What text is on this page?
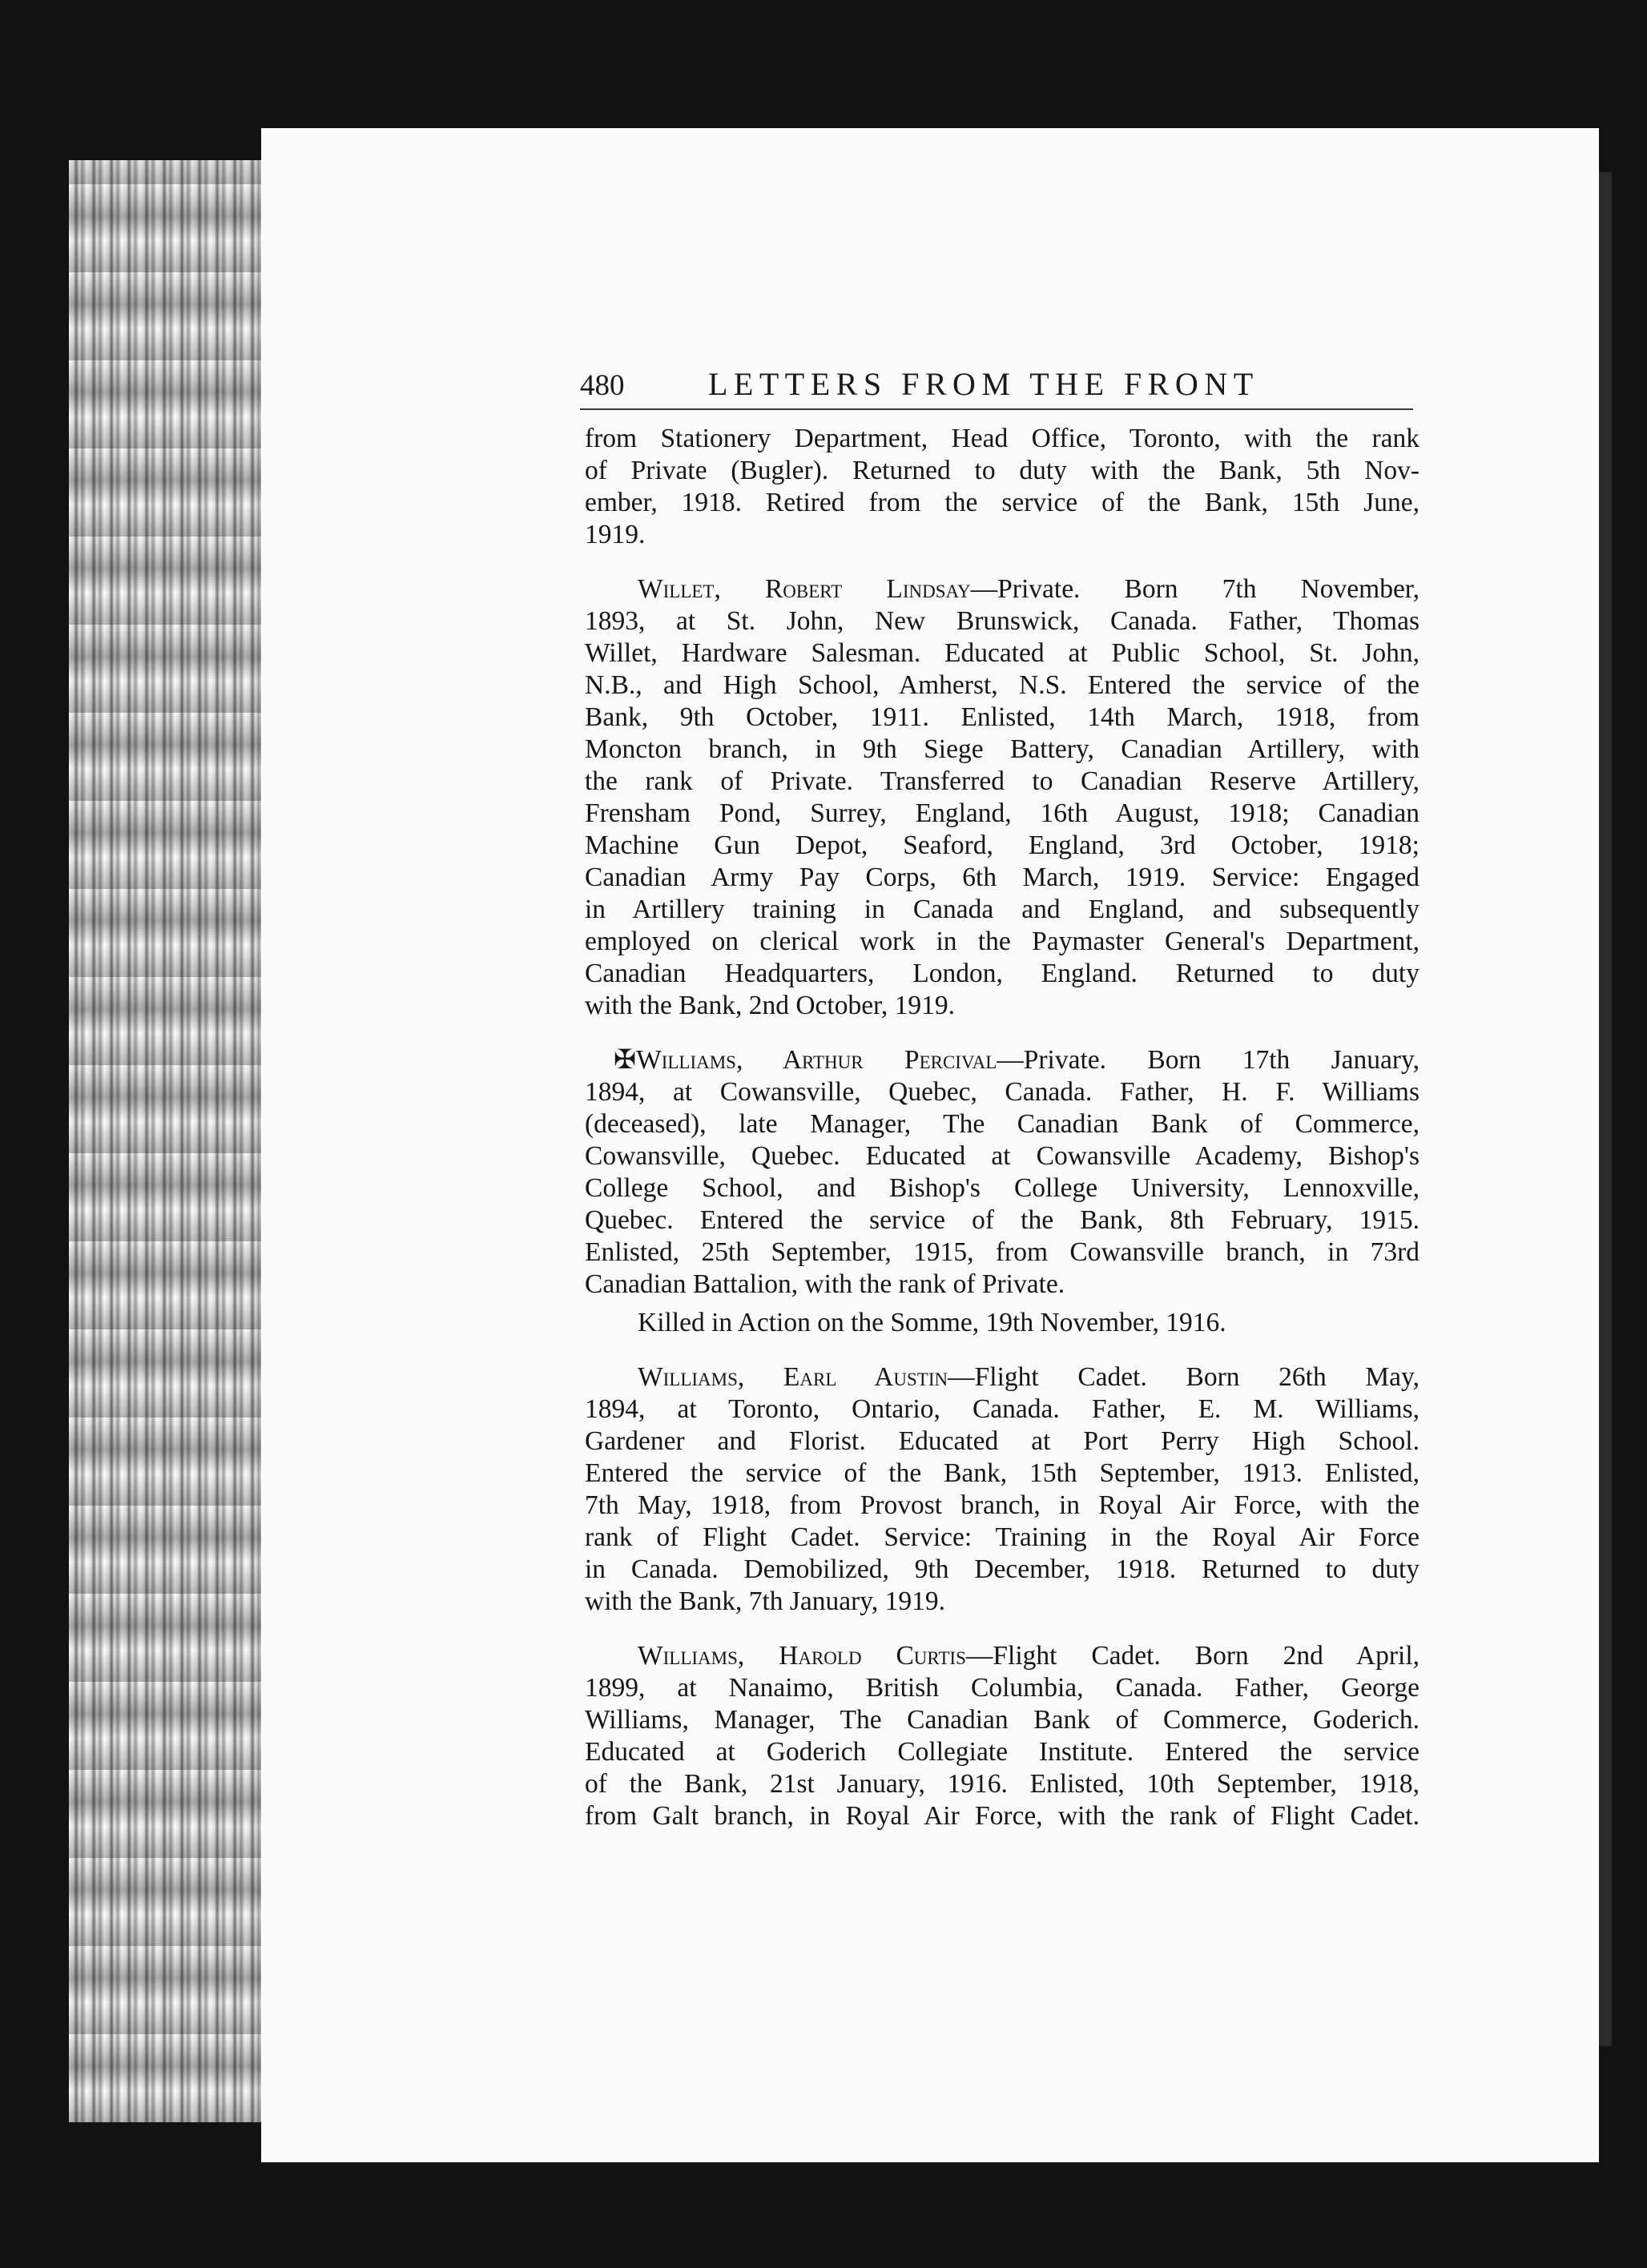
480	LETTERS FROM THE FRONT
from Stationery Department, Head Office, Toronto, with the rank
of Private (Bugler). Returned to duty with the Bank, 5th Nov-
ember, 1918. Retired from the service of the Bank, 15th June,
1919.
Willet, Robert Lindsay—Private. Born 7th November,
1893, at St. John, New Brunswick, Canada. Father, Thomas
Willet, Hardware Salesman. Educated at Public School, St. John,
N.B., and High School, Amherst, N.S. Entered the service of the
Bank, 9th October, 1911. Enlisted, 14th March, 1918, from
Moncton branch, in 9th Siege Battery, Canadian Artillery, with
the rank of Private. Transferred to Canadian Reserve Artillery,
Frensham Pond, Surrey, England, 16th August, 1918; Canadian
Machine Gun Depot, Seaford, England, 3rd October, 1918;
Canadian Army Pay Corps, 6th March, 1919. Service: Engaged
in Artillery training in Canada and England, and subsequently
employed on clerical work in the Paymaster General's Department,
Canadian Headquarters, London, England. Returned to duty
with the Bank, 2nd October, 1919.
✠Williams, Arthur Percival—Private. Born 17th January,
1894, at Cowansville, Quebec, Canada. Father, H. F. Williams
(deceased), late Manager, The Canadian Bank of Commerce,
Cowansville, Quebec. Educated at Cowansville Academy, Bishop's
College School, and Bishop's College University, Lennoxville,
Quebec. Entered the service of the Bank, 8th February, 1915.
Enlisted, 25th September, 1915, from Cowansville branch, in 73rd
Canadian Battalion, with the rank of Private.
Killed in Action on the Somme, 19th November, 1916.
Williams, Earl Austin—Flight Cadet. Born 26th May,
1894, at Toronto, Ontario, Canada. Father, E. M. Williams,
Gardener and Florist. Educated at Port Perry High School.
Entered the service of the Bank, 15th September, 1913. Enlisted,
7th May, 1918, from Provost branch, in Royal Air Force, with the
rank of Flight Cadet. Service: Training in the Royal Air Force
in Canada. Demobilized, 9th December, 1918. Returned to duty
with the Bank, 7th January, 1919.
Williams, Harold Curtis—Flight Cadet. Born 2nd April,
1899, at Nanaimo, British Columbia, Canada. Father, George
Williams, Manager, The Canadian Bank of Commerce, Goderich.
Educated at Goderich Collegiate Institute. Entered the service
of the Bank, 21st January, 1916. Enlisted, 10th September, 1918,
from Galt branch, in Royal Air Force, with the rank of Flight Cadet.
